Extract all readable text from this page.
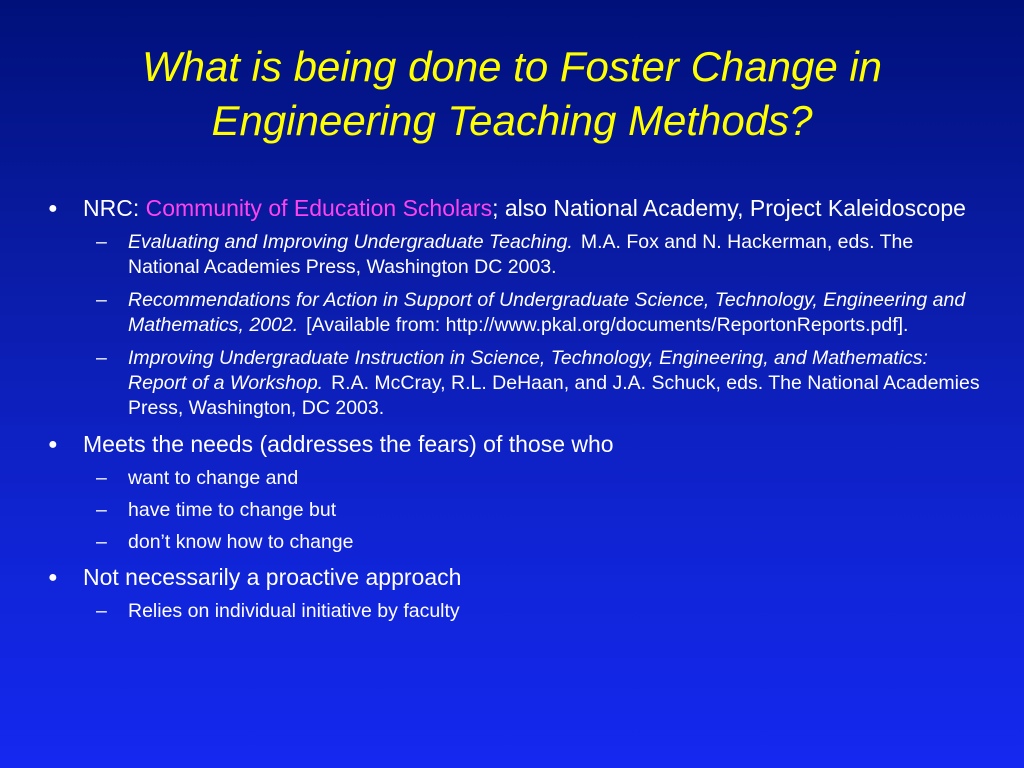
What is being done to Foster Change in
Engineering Teaching Methods?
● NRC: Community of Education Scholars; also National Academy, Project Kaleidoscope
– Evaluating and Improving Undergraduate Teaching. M.A. Fox and N. Hackerman, eds. The National Academies Press, Washington DC 2003.
– Recommendations for Action in Support of Undergraduate Science, Technology, Engineering and Mathematics, 2002. [Available from: http://www.pkal.org/documents/ReportonReports.pdf].
– Improving Undergraduate Instruction in Science, Technology, Engineering, and Mathematics: Report of a Workshop. R.A. McCray, R.L. DeHaan, and J.A. Schuck, eds. The National Academies Press, Washington, DC 2003.
● Meets the needs (addresses the fears) of those who
– want to change and
– have time to change but
– don’t know how to change
● Not necessarily a proactive approach
– Relies on individual initiative by faculty
